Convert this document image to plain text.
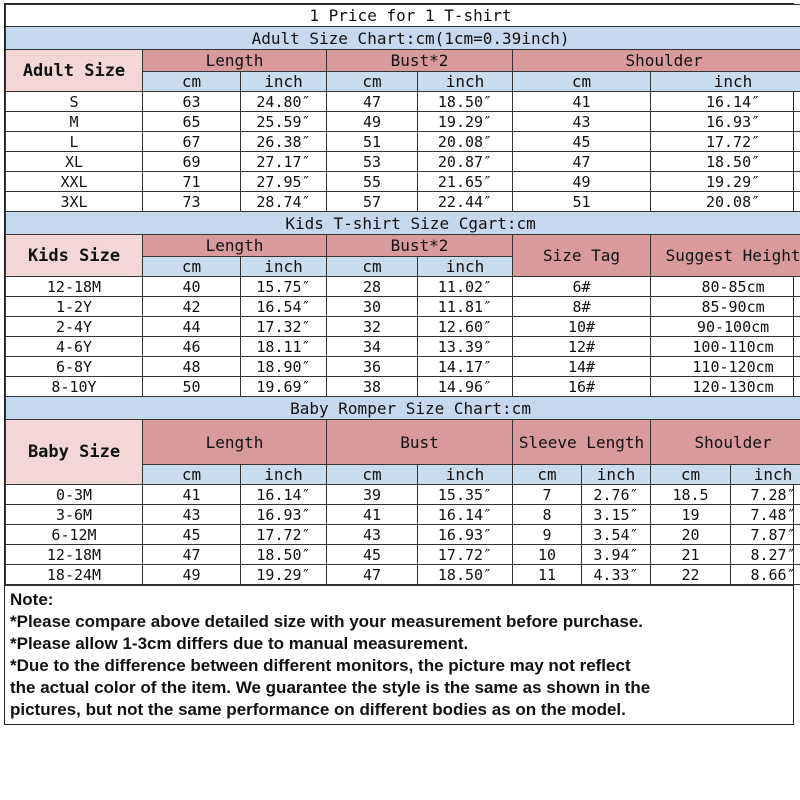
1 Price for 1 T-shirt								
Adult Size Chart:cm(1cm=0.39inch)								
Adult Size	Length		Bust*2		Shoulder			
	cm	inch	cm	inch	cm		inch	
S	63	24.80″	47	18.50″	41		16.14″	
M	65	25.59″	49	19.29″	43		16.93″	
L	67	26.38″	51	20.08″	45		17.72″	
XL	69	27.17″	53	20.87″	47		18.50″	
XXL	71	27.95″	55	21.65″	49		19.29″	
3XL	73	28.74″	57	22.44″	51		20.08″	
Kids T-shirt Size Cgart:cm								
Kids Size	Length		Bust*2		Size Tag		Suggest Height	
	cm	inch	cm	inch				
12-18M	40	15.75″	28	11.02″	6#		80-85cm	
1-2Y	42	16.54″	30	11.81″	8#		85-90cm	
2-4Y	44	17.32″	32	12.60″	10#		90-100cm	
4-6Y	46	18.11″	34	13.39″	12#		100-110cm	
6-8Y	48	18.90″	36	14.17″	14#		110-120cm	
8-10Y	50	19.69″	38	14.96″	16#		120-130cm	
Baby Romper Size Chart:cm								
Baby Size	Length		Bust		Sleeve Length		Shoulder	
	cm	inch	cm	inch	cm	inch	cm	inch
0-3M	41	16.14″	39	15.35″	7	2.76″	18.5	7.28″
3-6M	43	16.93″	41	16.14″	8	3.15″	19	7.48″
6-12M	45	17.72″	43	16.93″	9	3.54″	20	7.87″
12-18M	47	18.50″	45	17.72″	10	3.94″	21	8.27″
18-24M	49	19.29″	47	18.50″	11	4.33″	22	8.66″
Note:
*Please compare above detailed size with your measurement before purchase.
*Please allow 1-3cm differs due to manual measurement.
*Due to the difference between different monitors, the picture may not reflect
the actual color of the item. We guarantee the style is the same as shown in the
pictures, but not the same performance on different bodies as on the model.
